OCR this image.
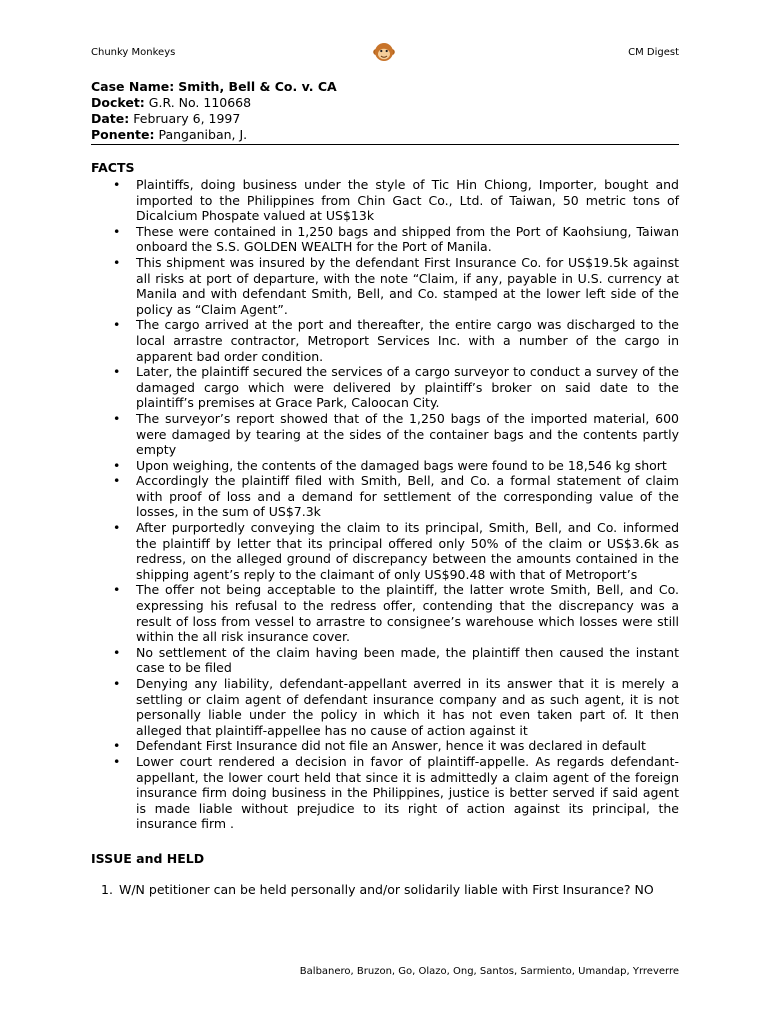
Chunky Monkeys	CM Digest
Case Name: Smith, Bell & Co. v. CA
Docket: G.R. No. 110668
Date: February 6, 1997
Ponente: Panganiban, J.
FACTS
• Plaintiffs, doing business under the style of Tic Hin Chiong, Importer, bought and imported to the Philippines from Chin Gact Co., Ltd. of Taiwan, 50 metric tons of Dicalcium Phospate valued at US$13k
• These were contained in 1,250 bags and shipped from the Port of Kaohsiung, Taiwan onboard the S.S. GOLDEN WEALTH for the Port of Manila.
• This shipment was insured by the defendant First Insurance Co. for US$19.5k against all risks at port of departure, with the note “Claim, if any, payable in U.S. currency at Manila and with defendant Smith, Bell, and Co. stamped at the lower left side of the policy as “Claim Agent”.
• The cargo arrived at the port and thereafter, the entire cargo was discharged to the local arrastre contractor, Metroport Services Inc. with a number of the cargo in apparent bad order condition.
• Later, the plaintiff secured the services of a cargo surveyor to conduct a survey of the damaged cargo which were delivered by plaintiff’s broker on said date to the plaintiff’s premises at Grace Park, Caloocan City.
• The surveyor’s report showed that of the 1,250 bags of the imported material, 600 were damaged by tearing at the sides of the container bags and the contents partly empty
• Upon weighing, the contents of the damaged bags were found to be 18,546 kg short
• Accordingly the plaintiff filed with Smith, Bell, and Co. a formal statement of claim with proof of loss and a demand for settlement of the corresponding value of the losses, in the sum of US$7.3k
• After purportedly conveying the claim to its principal, Smith, Bell, and Co. informed the plaintiff by letter that its principal offered only 50% of the claim or US$3.6k as redress, on the alleged ground of discrepancy between the amounts contained in the shipping agent’s reply to the claimant of only US$90.48 with that of Metroport’s
• The offer not being acceptable to the plaintiff, the latter wrote Smith, Bell, and Co. expressing his refusal to the redress offer, contending that the discrepancy was a result of loss from vessel to arrastre to consignee’s warehouse which losses were still within the all risk insurance cover.
• No settlement of the claim having been made, the plaintiff then caused the instant case to be filed
• Denying any liability, defendant-appellant averred in its answer that it is merely a settling or claim agent of defendant insurance company and as such agent, it is not personally liable under the policy in which it has not even taken part of. It then alleged that plaintiff-appellee has no cause of action against it
• Defendant First Insurance did not file an Answer, hence it was declared in default
• Lower court rendered a decision in favor of plaintiff-appelle. As regards defendant-appellant, the lower court held that since it is admittedly a claim agent of the foreign insurance firm doing business in the Philippines, justice is better served if said agent is made liable without prejudice to its right of action against its principal, the insurance firm .
ISSUE and HELD
1. W/N petitioner can be held personally and/or solidarily liable with First Insurance? NO
Balbanero, Bruzon, Go, Olazo, Ong, Santos, Sarmiento, Umandap, Yrreverre
